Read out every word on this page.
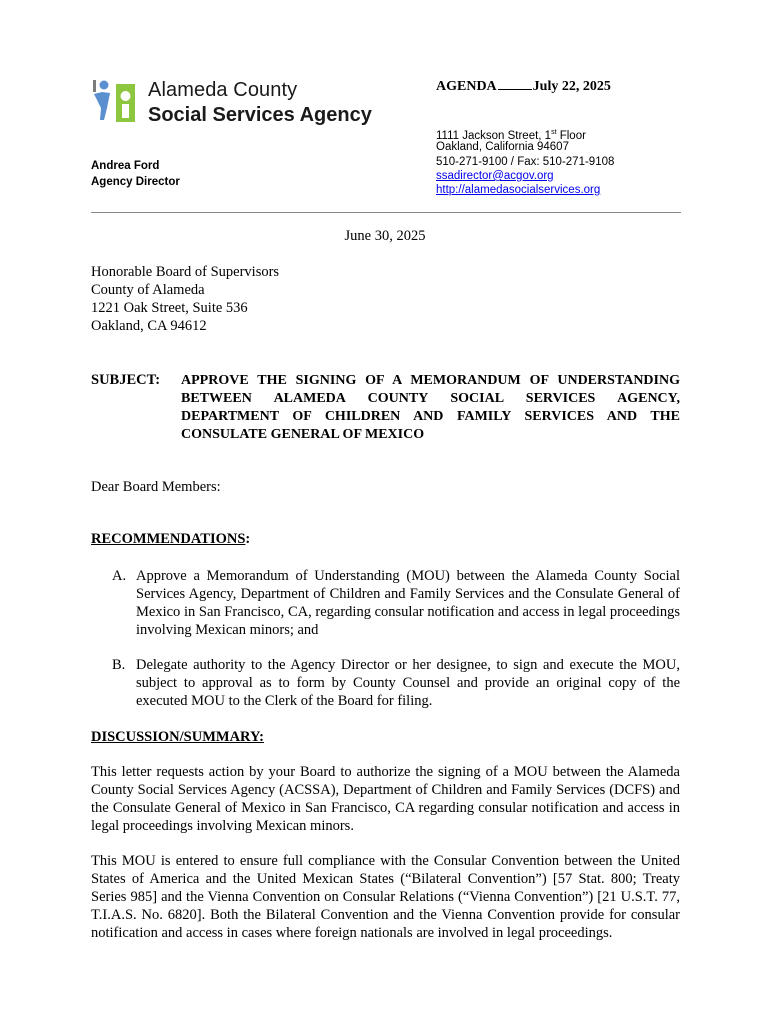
Alameda County
Social Services Agency
Andrea Ford
Agency Director
AGENDA	July 22, 2025
1111 Jackson Street, 1st Floor
Oakland, California 94607
510-271-9100 / Fax: 510-271-9108
ssadirector@acgov.org
http://alamedasocialservices.org
June 30, 2025
Honorable Board of Supervisors
County of Alameda
1221 Oak Street, Suite 536
Oakland, CA 94612
SUBJECT: APPROVE THE SIGNING OF A MEMORANDUM OF UNDERSTANDING BETWEEN ALAMEDA COUNTY SOCIAL SERVICES AGENCY, DEPARTMENT OF CHILDREN AND FAMILY SERVICES AND THE CONSULATE GENERAL OF MEXICO
Dear Board Members:
RECOMMENDATIONS:
A. Approve a Memorandum of Understanding (MOU) between the Alameda County Social Services Agency, Department of Children and Family Services and the Consulate General of Mexico in San Francisco, CA, regarding consular notification and access in legal proceedings involving Mexican minors; and
B. Delegate authority to the Agency Director or her designee, to sign and execute the MOU, subject to approval as to form by County Counsel and provide an original copy of the executed MOU to the Clerk of the Board for filing.
DISCUSSION/SUMMARY:
This letter requests action by your Board to authorize the signing of a MOU between the Alameda County Social Services Agency (ACSSA), Department of Children and Family Services (DCFS) and the Consulate General of Mexico in San Francisco, CA regarding consular notification and access in legal proceedings involving Mexican minors.
This MOU is entered to ensure full compliance with the Consular Convention between the United States of America and the United Mexican States (“Bilateral Convention”) [57 Stat. 800; Treaty Series 985] and the Vienna Convention on Consular Relations (“Vienna Convention”) [21 U.S.T. 77, T.I.A.S. No. 6820]. Both the Bilateral Convention and the Vienna Convention provide for consular notification and access in cases where foreign nationals are involved in legal proceedings.
